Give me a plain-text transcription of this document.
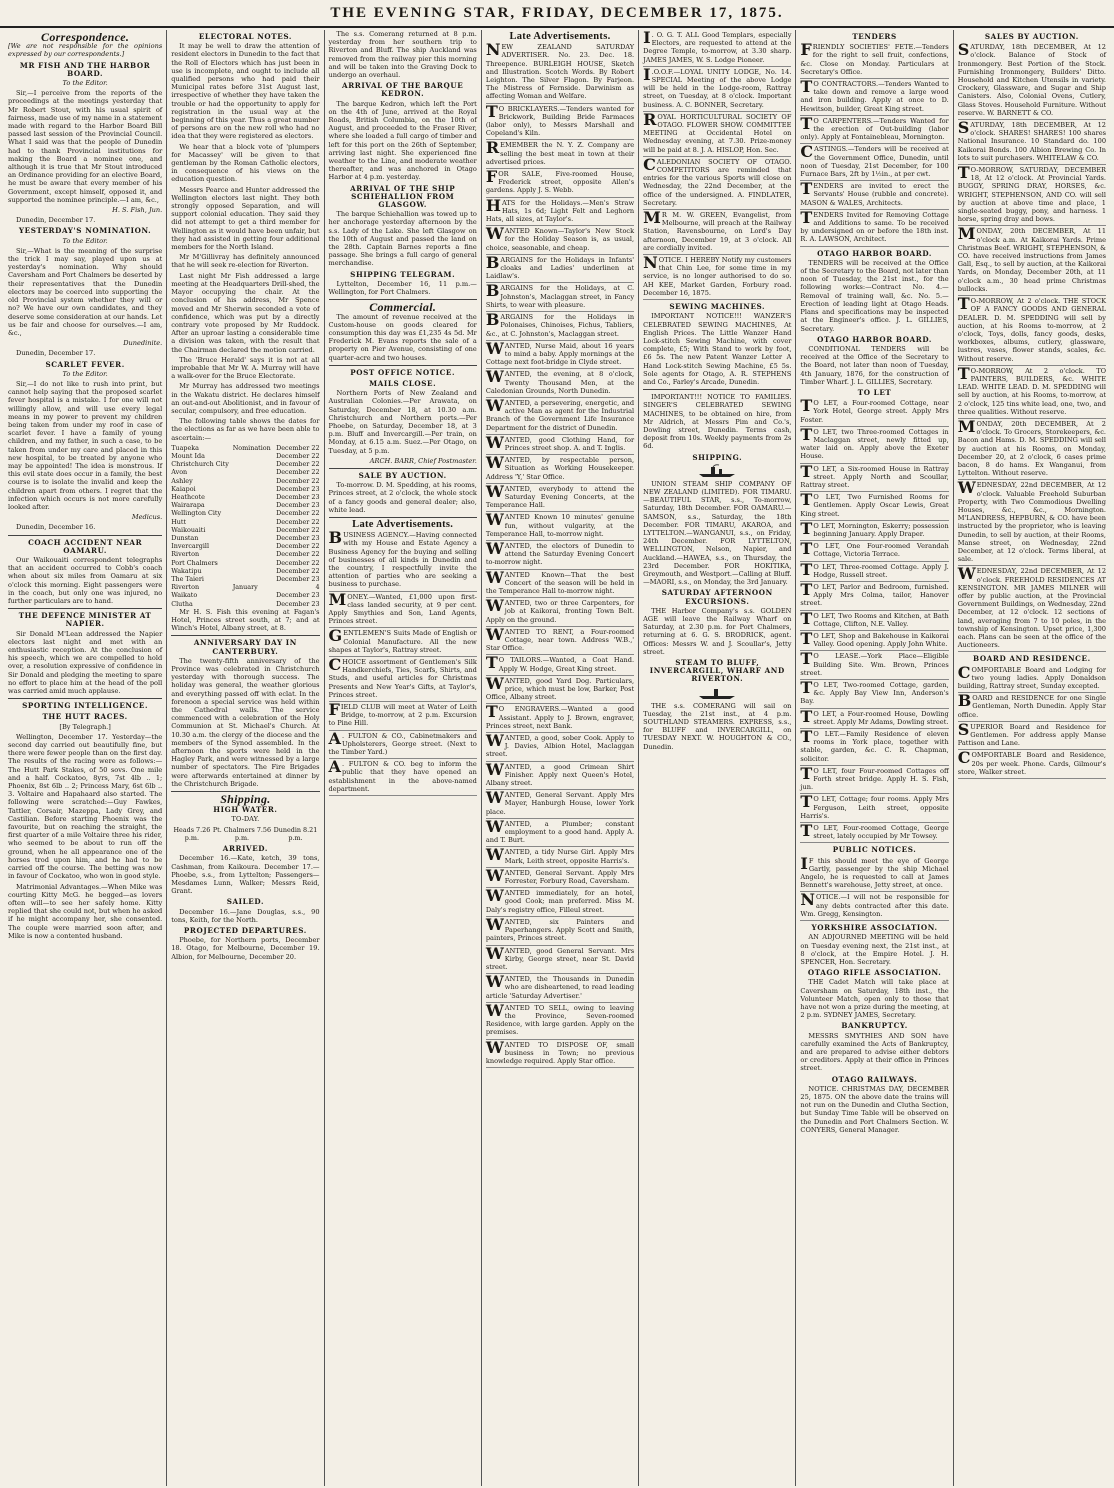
THE EVENING STAR, FRIDAY, DECEMBER 17, 1875.
Correspondence.

[We are not responsible for the opinions expressed by our correspondents.]

MR FISH AND THE HARBOR BOARD.

To the Editor.

Sir,—I perceive from the reports of the proceedings at the meetings yesterday that Mr Robert Stout, with his usual spirit of fairness, made use of my name in a statement made with regard to the Harbor Board Bill passed last session of the Provincial Council. What I said was that the people of Dunedin had to thank Provincial institutions for making the Board a nominee one, and although it is true that Mr Stout introduced an Ordinance providing for an elective Board, he must be aware that every member of his Government, except himself, opposed it, and supported the nominee principle.—I am, &c.,

H. S. Fish, Jun.

Dunedin, December 17.

YESTERDAY'S NOMINATION.

To the Editor.

Sir,—What is the meaning of the surprise the trick I may say, played upon us at yesterday's nomination. Why should Caversham and Port Chalmers be deserted by their representatives that the Dunedin electors may be coerced into supporting the old Provincial system whether they will or no? We have our own candidates, and they deserve some consideration at our hands. Let us be fair and choose for ourselves.—I am, &c.,

Dunedinite.

Dunedin, December 17.

SCARLET FEVER.

To the Editor.

Sir,—I do not like to rush into print, but cannot help saying that the proposed scarlet fever hospital is a mistake. I for one will not willingly allow, and will use every legal means in my power to prevent my children being taken from under my roof in case of scarlet fever. I have a family of young children, and my father, in such a case, to be taken from under my care and placed in this new hospital, to be treated by anyone who may be appointed! The idea is monstrous. If this evil state does occur in a family, the best course is to isolate the invalid and keep the children apart from others. I regret that the infection which occurs is not more carefully looked after.

Medicus.

Dunedin, December 16.

COACH ACCIDENT NEAR OAMARU.

Our Waikouaiti correspondent telegraphs that an accident occurred to Cobb's coach when about six miles from Oamaru at six o'clock this morning. Eight passengers were in the coach, but only one was injured, no further particulars are to hand.

THE DEFENCE MINISTER AT NAPIER.

Sir Donald M'Lean addressed the Napier electors last night and met with an enthusiastic reception. At the conclusion of his speech, which we are compelled to hold over, a resolution expressive of confidence in Sir Donald and pledging the meeting to spare no effort to place him at the head of the poll was carried amid much applause.

SPORTING INTELLIGENCE.
THE HUTT RACES.

[By Telegraph.]

Wellington, December 17. Yesterday—the second day carried out beautifully fine, but there were fewer people than on the first day. The results of the racing were as follows:— The Hutt Park Stakes, of 50 sovs. One mile and a half. Cockatoo, 8yrs, 7st 4lb .. 1; Phoenix, 8st 6lb .. 2; Princess Mary, 6st 6lb .. 3. Voltaire and Hapahaard also started. The following were scratched:—Guy Fawkes, Tattler, Corsair, Mazeppa, Lady Grey, and Castilian. Before starting Phoenix was the favourite, but on reaching the straight, the first quarter of a mile Voltaire three his rider, who seemed to be about to run off the ground, when he all appearance one of the horses trod upon him, and he had to be carried off the course. The betting was now in favour of Cockatoo, who won in good style.

Matrimonial Advantages.—When Mike was courting Kitty McG. he begged—as lovers often will—to see her safely home. Kitty replied that she could not, but when he asked if he might accompany her, she consented. The couple were married soon after, and Mike is now a contented husband.

ELECTORAL NOTES.

It may be well to draw the attention of resident electors in Dunedin to the fact that the Roll of Electors which has just been in use is incomplete, and ought to include all qualified persons who had paid their Municipal rates before 31st August last, irrespective of whether they have taken the trouble or had the opportunity to apply for registration in the usual way at the beginning of this year. Thus a great number of persons are on the new roll who had no idea that they were registered as electors.

We hear that a block vote of 'plumpers for Macassey' will be given to that gentleman by the Roman Catholic electors, in consequence of his views on the education question.

Messrs Pearce and Hunter addressed the Wellington electors last night. They both strongly opposed Separation, and will support colonial education. They said they did not attempt to get a third member for Wellington as it would have been unfair, but they had assisted in getting four additional members for the North Island.

Mr M'Gillivray has definitely announced that he will seek re-election for Riverton.

Last night Mr Fish addressed a large meeting at the Headquarters Drill-shed, the Mayor occupying the chair. At the conclusion of his address, Mr Spence moved and Mr Sherwin seconded a vote of confidence, which was put by a directly contrary vote proposed by Mr Ruddock. After an uproar lasting a considerable time a division was taken, with the result that the Chairman declared the motion carried.

The 'Bruce Herald' says it is not at all improbable that Mr W. A. Murray will have a walk-over for the Bruce Electorate.

Mr Murray has addressed two meetings in the Wakatu district. He declares himself an out-and-out Abolitionist, and in favour of secular, compulsory, and free education.

The following table shows the dates for the elections as far as we have been able to ascertain:—

Tuapeka	Nomination	December 22
Mount Ida		December 22
Christchurch City		December 22
Avon		December 22
Ashley		December 22
Kaiapoi		December 23
Heathcote		December 23
Wairarapa		December 23
Wellington City		December 22
Hutt		December 22
Waikouaiti		December 22
Dunstan		December 23
Invercargill		December 22
Riverton		December 22
Port Chalmers		December 22
Wakatipu		December 22
The Taieri		December 23
Riverton	January	4
Waikato		December 23
Clutha		December 23

Mr H. S. Fish this evening at Fagan's Hotel, Princes street south, at 7; and at Winch's Hotel, Albany street, at 8.

ANNIVERSARY DAY IN CANTERBURY.

The twenty-fifth anniversary of the Province was celebrated in Christchurch yesterday with thorough success. The holiday was general, the weather glorious and everything passed off with eclat. In the forenoon a special service was held within the Cathedral walls. The service commenced with a celebration of the Holy Communion at St. Michael's Church. At 10.30 a.m. the clergy of the diocese and the members of the Synod assembled. In the afternoon the sports were held in the Hagley Park, and were witnessed by a large number of spectators. The Fire Brigades were afterwards entertained at dinner by the Christchurch Brigade.

Shipping.
HIGH WATER.

TO-DAY.

Heads 7.26 p.m.	Pt. Chalmers 7.56 p.m.	Dunedin 8.21 p.m.
ARRIVED.

December 16.—Kate, ketch, 39 tons, Cashman, from Kaikoura. December 17.—Phoebe, s.s., from Lyttelton; Passengers—Mesdames Lunn, Walker; Messrs Reid, Grant.

SAILED.

December 16.—Jane Douglas, s.s., 90 tons, Keith, for the North.

PROJECTED DEPARTURES.

Phoebe, for Northern ports, December 18. Otago, for Melbourne, December 19. Albion, for Melbourne, December 20.

The s.s. Comerang returned at 8 p.m. yesterday from her southern trip to Riverton and Bluff. The ship Auckland was removed from the railway pier this morning and will be taken into the Graving Dock to undergo an overhaul.

ARRIVAL OF THE BARQUE KEDRON.

The barque Kedron, which left the Port on the 4th of June, arrived at the Royal Roads, British Columbia, on the 10th of August, and proceeded to the Fraser River, where she loaded a full cargo of timber and left for this port on the 26th of September, arriving last night. She experienced fine weather to the Line, and moderate weather thereafter, and was anchored in Otago Harbor at 4 p.m. yesterday.

ARRIVAL OF THE SHIP SCHIEHALLION FROM GLASGOW.

The barque Schiehallion was towed up to her anchorage yesterday afternoon by the s.s. Lady of the Lake. She left Glasgow on the 10th of August and passed the land on the 28th. Captain Barnes reports a fine passage. She brings a full cargo of general merchandise.

SHIPPING TELEGRAM.

Lyttelton, December 16, 11 p.m.—Wellington, for Port Chalmers.

Commercial.

The amount of revenue received at the Custom-house on goods cleared for consumption this day was £1,235 4s 5d. Mr Frederick M. Evans reports the sale of a property on Pier Avenue, consisting of one quarter-acre and two houses.

POST OFFICE NOTICE.
MAILS CLOSE.

Northern Ports of New Zealand and Australian Colonies.—Per Arawata, on Saturday, December 18, at 10.30 a.m. Christchurch and Northern ports.—Per Phoebe, on Saturday, December 18, at 3 p.m. Bluff and Invercargill.—Per train, on Monday, at 6.15 a.m. Suez.—Per Otago, on Tuesday, at 5 p.m.

ARCH. BARR, Chief Postmaster.

SALE BY AUCTION.

To-morrow. D. M. Spedding, at his rooms, Princes street, at 2 o'clock, the whole stock of a fancy goods and general dealer; also, white lead.

Late Advertisements.
B USINESS AGENCY.—Having connected with my House and Estate Agency a Business Agency for the buying and selling of businesses of all kinds in Dunedin and the country, I respectfully invite the attention of parties who are seeking a business to purchase.
M ONEY.—Wanted, £1,000 upon first-class landed security, at 9 per cent. Apply Smythies and Son, Land Agents, Princes street.
G ENTLEMEN'S Suits Made of English or Colonial Manufacture. All the new shapes at Taylor's, Rattray street.
C HOICE assortment of Gentlemen's Silk Handkerchiefs, Ties, Scarfs, Shirts, and Studs, and useful articles for Christmas Presents and New Year's Gifts, at Taylor's, Princes street.
F IELD CLUB will meet at Water of Leith Bridge, to-morrow, at 2 p.m. Excursion to Pine Hill.
A . FULTON & CO., Cabinetmakers and Upholsterers, George street. (Next to the Timber Yard.)
A . FULTON & CO. beg to inform the public that they have opened an establishment in the above-named department.
Late Advertisements.
N EW ZEALAND SATURDAY ADVERTISER. No. 23. Dec. 18. Threepence. BURLEIGH HOUSE, Sketch and Illustration. Scotch Words. By Robert Leighton. The Silver Flagon. By Farjeon. The Mistress of Fernside. Darwinism as affecting Woman and Welfare.
T O BRICKLAYERS.—Tenders wanted for Brickwork, Building Bride Farmaces (labor only), to Messrs Marshall and Copeland's Kiln.
R EMEMBER the N. Y. Z. Company are selling the best meat in town at their advertised prices.
F OR SALE, Five-roomed House, Frederick street, opposite Allen's gardens. Apply J. S. Webb.
H ATS for the Holidays.—Men's Straw Hats, 1s 6d; Light Felt and Leghorn Hats, all sizes, at Taylor's.
W ANTED Known—Taylor's New Stock for the Holiday Season is, as usual, choice, seasonable, and cheap.
B ARGAINS for the Holidays in Infants' cloaks and Ladies' underlinen at Laidlaw's.
B ARGAINS for the Holidays, at C. Johnston's, Maclaggan street, in Fancy Shirts, to wear with pleasure.
B ARGAINS for the Holidays in Polonaises, Chinoises, Fichus, Tabliers, &c., at C. Johnston's, Maclaggan street.
W ANTED, Nurse Maid, about 16 years to mind a baby. Apply mornings at the Cottage next foot-bridge in Clyde street.
W ANTED, the evening, at 8 o'clock, Twenty Thousand Men, at the Caledonian Grounds, North Dunedin.
W ANTED, a persevering, energetic, and active Man as agent for the Industrial Branch of the Government Life Insurance Department for the district of Dunedin.
W ANTED, good Clothing Hand, for Princes street shop. A. and T. Inglis.
W ANTED, by respectable person, Situation as Working Housekeeper. Address 'Y,' Star Office.
W ANTED, everybody to attend the Saturday Evening Concerts, at the Temperance Hall.
W ANTED Known 10 minutes' genuine fun, without vulgarity, at the Temperance Hall, to-morrow night.
W ANTED, the electors of Dunedin to attend the Saturday Evening Concert to-morrow night.
W ANTED Known—That the best Concert of the season will be held in the Temperance Hall to-morrow night.
W ANTED, two or three Carpenters, for job at Kaikorai, fronting Town Belt. Apply on the ground.
W ANTED TO RENT, a Four-roomed Cottage, near town. Address 'W.B.,' Star Office.
T O TAILORS.—Wanted, a Coat Hand. Apply W. Hodge, Great King street.
W ANTED, good Yard Dog. Particulars, price, which must be low, Barker, Post Office, Albany street.
T O ENGRAVERS.—Wanted a good Assistant. Apply to J. Brown, engraver, Princes street, next Bank.
W ANTED, a good, sober Cook. Apply to J. Davies, Albion Hotel, Maclaggan street.
W ANTED, a good Crimean Shirt Finisher. Apply next Queen's Hotel, Albany street.
W ANTED, General Servant. Apply Mrs Mayer, Hanburgh House, lower York place.
W ANTED, a Plumber; constant employment to a good hand. Apply A. and T. Burt.
W ANTED, a tidy Nurse Girl. Apply Mrs Mark, Leith street, opposite Harris's.
W ANTED, General Servant. Apply Mrs Forrester, Forbury Road, Caversham.
W ANTED immediately, for an hotel, good Cook; man preferred. Miss M. Daly's registry office, Filleul street.
W ANTED, six Painters and Paperhangers. Apply Scott and Smith, painters, Princes street.
W ANTED, good General Servant. Mrs Kirby, George street, near St. David street.
W ANTED, the Thousands in Dunedin who are disheartened, to read leading article 'Saturday Advertiser.'
W ANTED TO SELL, owing to leaving the Province, Seven-roomed Residence, with large garden. Apply on the premises.
W ANTED TO DISPOSE OF, small business in Town; no previous knowledge required. Apply Star office.
I . O. G. T. ALL Good Templars, especially Electors, are requested to attend at the Degree Temple, to-morrow, at 3.30 sharp. JAMES JAMES, W. S. Lodge Pioneer.
I .O.O.F.—LOYAL UNITY LODGE, No. 14. SPECIAL Meeting of the above Lodge will be held in the Lodge-room, Rattray street, on Tuesday, at 8 o'clock. Important business. A. C. BONNER, Secretary.
R OYAL HORTICULTURAL SOCIETY OF OTAGO. FLOWER SHOW. COMMITTEE MEETING at Occidental Hotel on Wednesday evening, at 7.30. Prize-money will be paid at 8. J. A. HISLOP, Hon. Sec.
C ALEDONIAN SOCIETY OF OTAGO. COMPETITORS are reminded that entries for the various Sports will close on Wednesday, the 22nd December, at the office of the undersigned. A. FINDLATER, Secretary.
M R M. W. GREEN, Evangelist, from Melbourne, will preach at the Railway Station, Ravensbourne, on Lord's Day afternoon, December 19, at 3 o'clock. All are cordially invited.
N OTICE. I HEREBY Notify my customers that Chin Lee, for some time in my service, is no longer authorised to do so. AH KEE, Market Garden, Forbury road. December 16, 1875.
SEWING MACHINES.

IMPORTANT NOTICE!!! WANZER'S CELEBRATED SEWING MACHINES, At English Prices. The Little Wanzer Hand Lock-stitch Sewing Machine, with cover complete, £5; With Stand to work by foot, £6 5s. The new Patent Wanzer Letter A Hand Lock-stitch Sewing Machine, £5 5s. Sole agents for Otago, A. R. STEPHENS and Co., Farley's Arcade, Dunedin.

IMPORTANT!!! NOTICE TO FAMILIES. SINGER'S CELEBRATED SEWING MACHINES, to be obtained on hire, from Mr Aldrich, at Messrs Pim and Co.'s, Dowling street, Dunedin. Terms cash, deposit from 10s. Weekly payments from 2s 6d.

SHIPPING.

UNION STEAM SHIP COMPANY OF NEW ZEALAND (LIMITED). FOR TIMARU.—BEAUTIFUL STAR, s.s., To-morrow, Saturday, 18th December. FOR OAMARU.—SAMSON, s.s., Saturday, the 18th December. FOR TIMARU, AKAROA, and LYTTELTON.—WANGANUI, s.s., on Friday, 24th December. FOR LYTTELTON, WELLINGTON, Nelson, Napier, and Auckland.—HAWEA, s.s., on Thursday, the 23rd December. FOR HOKITIKA, Greymouth, and Westport.—Calling at Bluff.—MAORI, s.s., on Monday, the 3rd January.

SATURDAY AFTERNOON EXCURSIONS.

THE Harbor Company's s.s. GOLDEN AGE will leave the Railway Wharf on Saturday, at 2.30 p.m. for Port Chalmers, returning at 6. G. S. BRODRICK, agent. Offices: Messrs W. and J. Scoullar's, Jetty street.

STEAM TO BLUFF, INVERCARGILL, WHARF AND RIVERTON.

THE s.s. COMERANG will sail on Tuesday, the 21st inst., at 4 p.m. SOUTHLAND STEAMERS. EXPRESS, s.s., for BLUFF and INVERCARGILL, on TUESDAY NEXT. W. HOUGHTON & CO., Dunedin.

TENDERS
F RIENDLY SOCIETIES' FETE.—Tenders for the right to sell fruit, confections, &c. Close on Monday. Particulars at Secretary's Office.
T O CONTRACTORS.—Tenders Wanted to take down and remove a large wood and iron building. Apply at once to D. Hewitson, builder, Great King street.
T O CARPENTERS.—Tenders Wanted for the erection of Out-building (labor only). Apply at Fontainebleau, Mornington.
C ASTINGS.—Tenders will be received at the Government Office, Dunedin, until noon of Tuesday, 21st December, for 100 Furnace Bars, 2ft by 1½in., at per cwt.
T ENDERS are invited to erect the Servants' House (rubble and concrete). MASON & WALES, Architects.
T ENDERS Invited for Removing Cottage and Additions to same. To be received by undersigned on or before the 18th inst. R. A. LAWSON, Architect.
OTAGO HARBOR BOARD.

TENDERS will be received at the Office of the Secretary to the Board, not later than noon of Tuesday, the 21st inst., for the following works:—Contract No. 4.—Removal of training wall, &c. No. 5.—Erection of leading light at Otago Heads. Plans and specifications may be inspected at the Engineer's office. J. L. GILLIES, Secretary.

OTAGO HARBOR BOARD.

CONDITIONAL TENDERS will be received at the Office of the Secretary to the Board, not later than noon of Tuesday, 4th January, 1876, for the construction of Timber Wharf. J. L. GILLIES, Secretary.

TO LET
T O LET, a Four-roomed Cottage, near York Hotel, George street. Apply Mrs Foster.
T O LET, two Three-roomed Cottages in Maclaggan street, newly fitted up, water laid on. Apply above the Exeter House.
T O LET, a Six-roomed House in Rattray street. Apply North and Scoullar, Rattray street.
T O LET, Two Furnished Rooms for Gentlemen. Apply Oscar Lewis, Great King street.
T O LET, Mornington, Eskerry; possession beginning January. Apply Draper.
T O LET, One Four-roomed Verandah Cottage, Victoria Terrace.
T O LET, Three-roomed Cottage. Apply J. Hodge, Russell street.
T O LET, Parlor and Bedroom, furnished. Apply Mrs Colma, tailor, Hanover street.
T O LET, Two Rooms and Kitchen, at Bath Cottage, Clifton, N.E. Valley.
T O LET, Shop and Bakehouse in Kaikorai Valley. Good opening. Apply John White.
T O LEASE.—York Place—Eligible Building Site. Wm. Brown, Princes street.
T O LET, Two-roomed Cottage, garden, &c. Apply Bay View Inn, Anderson's Bay.
T O LET, a Four-roomed House, Dowling street. Apply Mr Adams, Dowling street.
T O LET.—Family Residence of eleven rooms in York place, together with stable, garden, &c. C. R. Chapman, solicitor.
T O LET, four Four-roomed Cottages off Forth street bridge. Apply H. S. Fish, jun.
T O LET, Cottage; four rooms. Apply Mrs Ferguson, Leith street, opposite Harris's.
T O LET, Four-roomed Cottage, George street, lately occupied by Mr Towsey.
PUBLIC NOTICES.
I F this should meet the eye of George Gartly, passenger by the ship Michael Angelo, he is requested to call at James Bennett's warehouse, Jetty street, at once.
N OTICE.—I will not be responsible for any debts contracted after this date. Wm. Gregg, Kensington.
YORKSHIRE ASSOCIATION.

AN ADJOURNED MEETING will be held on Tuesday evening next, the 21st inst., at 8 o'clock, at the Empire Hotel. J. H. SPENCER, Hon. Secretary.

OTAGO RIFLE ASSOCIATION.

THE Cadet Match will take place at Caversham on Saturday, 18th inst., the Volunteer Match, open only to those that have not won a prize during the meeting, at 2 p.m. SYDNEY JAMES, Secretary.

BANKRUPTCY.

MESSRS SMYTHIES AND SON have carefully examined the Acts of Bankruptcy, and are prepared to advise either debtors or creditors. Apply at their office in Princes street.

OTAGO RAILWAYS.

NOTICE. CHRISTMAS DAY, DECEMBER 25, 1875. ON the above date the trains will not run on the Dunedin and Clutha Section, but Sunday Time Table will be observed on the Dunedin and Port Chalmers Section. W. CONYERS, General Manager.

SALES BY AUCTION.
S ATURDAY, 18th DECEMBER, At 12 o'clock. Balance of Stock of Ironmongery. Best Portion of the Stock. Furnishing Ironmongery, Builders' Ditto. Household and Kitchen Utensils in variety. Crockery, Glassware, and Sugar and Ship Canisters. Also, Colonial Ovens, Cutlery, Glass Stoves. Household Furniture. Without reserve. W. BARNETT & CO.
S ATURDAY, 18th DECEMBER, At 12 o'clock. SHARES! SHARES! 100 shares National Insurance. 10 Standard do. 100 Kaikorai Bonds. 100 Albion Brewing Co. In lots to suit purchasers. WHITELAW & CO.
T O-MORROW, SATURDAY, DECEMBER 18, At 12 o'clock. At Provincial Yards. BUGGY, SPRING DRAY, HORSES, &c. WRIGHT, STEPHENSON, AND CO. will sell by auction at above time and place, 1 single-seated buggy, pony, and harness. 1 horse, spring dray and bows.
M ONDAY, 20th DECEMBER, At 11 o'clock a.m. At Kaikorai Yards. Prime Christmas Beef. WRIGHT, STEPHENSON, & CO. have received instructions from James Gall, Esq., to sell by auction, at the Kaikorai Yards, on Monday, December 20th, at 11 o'clock a.m., 30 head prime Christmas bullocks.
T O-MORROW, At 2 o'clock. THE STOCK OF A FANCY GOODS AND GENERAL DEALER. D. M. SPEDDING will sell by auction, at his Rooms to-morrow, at 2 o'clock, Toys, dolls, fancy goods, desks, workboxes, albums, cutlery, glassware, lustres, vases, flower stands, scales, &c. Without reserve.
T O-MORROW, At 2 o'clock. TO PAINTERS, BUILDERS, &c. WHITE LEAD. WHITE LEAD. D. M. SPEDDING will sell by auction, at his Rooms, to-morrow, at 2 o'clock, 125 tins white lead, one, two, and three qualities. Without reserve.
M ONDAY, 20th DECEMBER, At 2 o'clock. To Grocers, Storekeepers, &c. Bacon and Hams. D. M. SPEDDING will sell by auction at his Rooms, on Monday, December 20, at 2 o'clock, 6 cases prime bacon, 8 do hams. Ex Wanganui, from Lyttelton. Without reserve.
W EDNESDAY, 22nd DECEMBER, At 12 o'clock. Valuable Freehold Suburban Property, with Two Commodious Dwelling Houses, &c., &c., Mornington. M'LANDRESS, HEPBURN, & CO. have been instructed by the proprietor, who is leaving Dunedin, to sell by auction, at their Rooms, Manse street, on Wednesday, 22nd December, at 12 o'clock. Terms liberal, at sale.
W EDNESDAY, 22nd DECEMBER, At 12 o'clock. FREEHOLD RESIDENCES AT KENSINGTON. MR JAMES MILNER will offer by public auction, at the Provincial Government Buildings, on Wednesday, 22nd December, at 12 o'clock. 12 sections of land, averaging from 7 to 10 poles, in the township of Kensington. Upset price, 1,300 each. Plans can be seen at the office of the Auctioneers.
BOARD AND RESIDENCE.
C OMFORTABLE Board and Lodging for two young ladies. Apply Donaldson building, Rattray street, Sunday excepted.
B OARD and RESIDENCE for one Single Gentleman, North Dunedin. Apply Star office.
S UPERIOR Board and Residence for Gentlemen. For address apply Manse Pattison and Lane.
C OMFORTABLE Board and Residence, 20s per week. Phone. Cards, Gilmour's store, Walker street.
